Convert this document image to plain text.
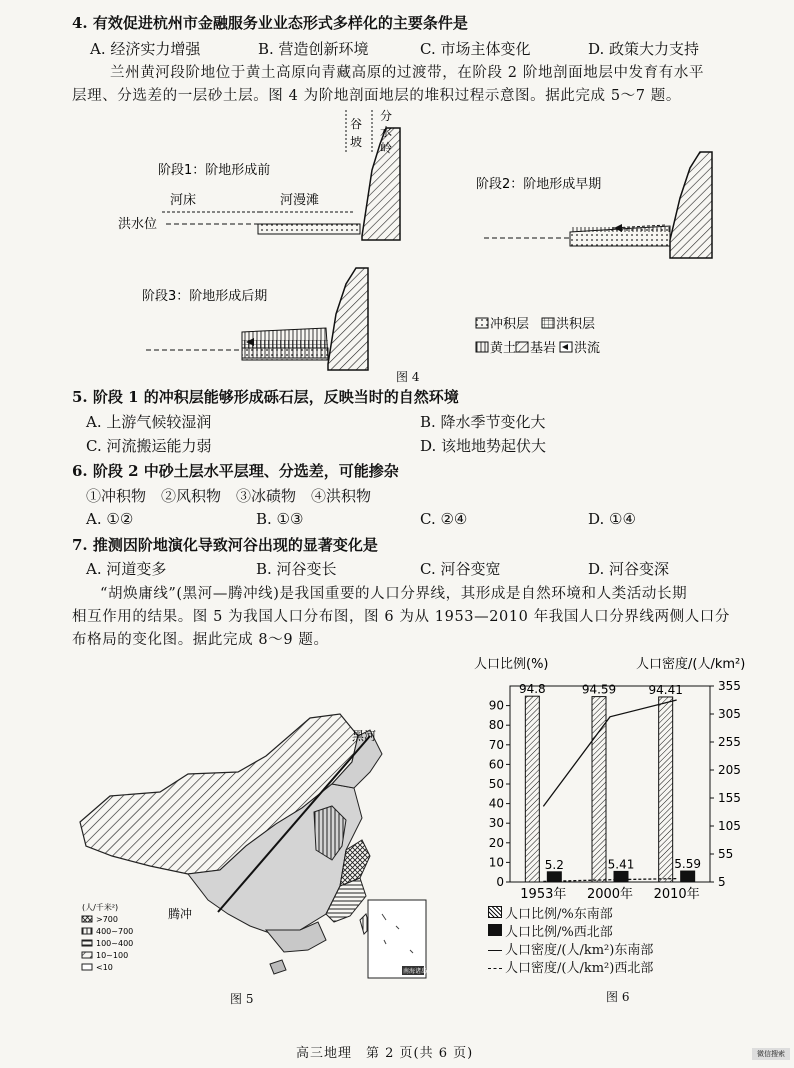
4. 有效促进杭州市金融服务业业态形式多样化的主要条件是
A. 经济实力增强	B. 营造创新环境	C. 市场主体变化	D. 政策大力支持
兰州黄河段阶地位于黄土高原向青藏高原的过渡带，在阶段 2 阶地剖面地层中发育有水平
层理、分选差的一层砂土层。图 4 为阶地剖面地层的堆积过程示意图。据此完成 5～7 题。
阶段1：阶地形成前
谷
坡
分
水
岭
河床	河漫滩
洪水位
阶段2：阶地形成早期
阶段3：阶地形成后期
冲积层 洪积层
黄土 基岩 洪流
图 4
5. 阶段 1 的冲积层能够形成砾石层，反映当时的自然环境
A. 上游气候较湿润	B. 降水季节变化大
C. 河流搬运能力弱	D. 该地地势起伏大
6. 阶段 2 中砂土层水平层理、分选差，可能掺杂
①冲积物　②风积物　③冰碛物　④洪积物
A. ①②	B. ①③	C. ②④	D. ①④
7. 推测因阶地演化导致河谷出现的显著变化是
A. 河道变多	B. 河谷变长	C. 河谷变宽	D. 河谷变深
“胡焕庸线”(黑河—腾冲线)是我国重要的人口分界线，其形成是自然环境和人类活动长期
相互作用的结果。图 5 为我国人口分布图，图 6 为从 1953—2010 年我国人口分界线两侧人口分
布格局的变化图。据此完成 8～9 题。
黑河
腾冲
(人/千米²)
>700
400~700
100~400
10~100
<10	南海诸岛
图 5
人口比例(%)	人口密度/(人/km²)
0
10
20
30
40
50
60
70
80
90
5
55
105
155
205
255
305
355
94.8
5.2
1953年
94.59
5.41
2000年
94.41
5.59
2010年
人口比例/%东南部
人口比例/%西北部
人口密度/(人/km²)东南部
人口密度/(人/km²)西北部
图 6
高三地理　第 2 页(共 6 页)	微信搜索
